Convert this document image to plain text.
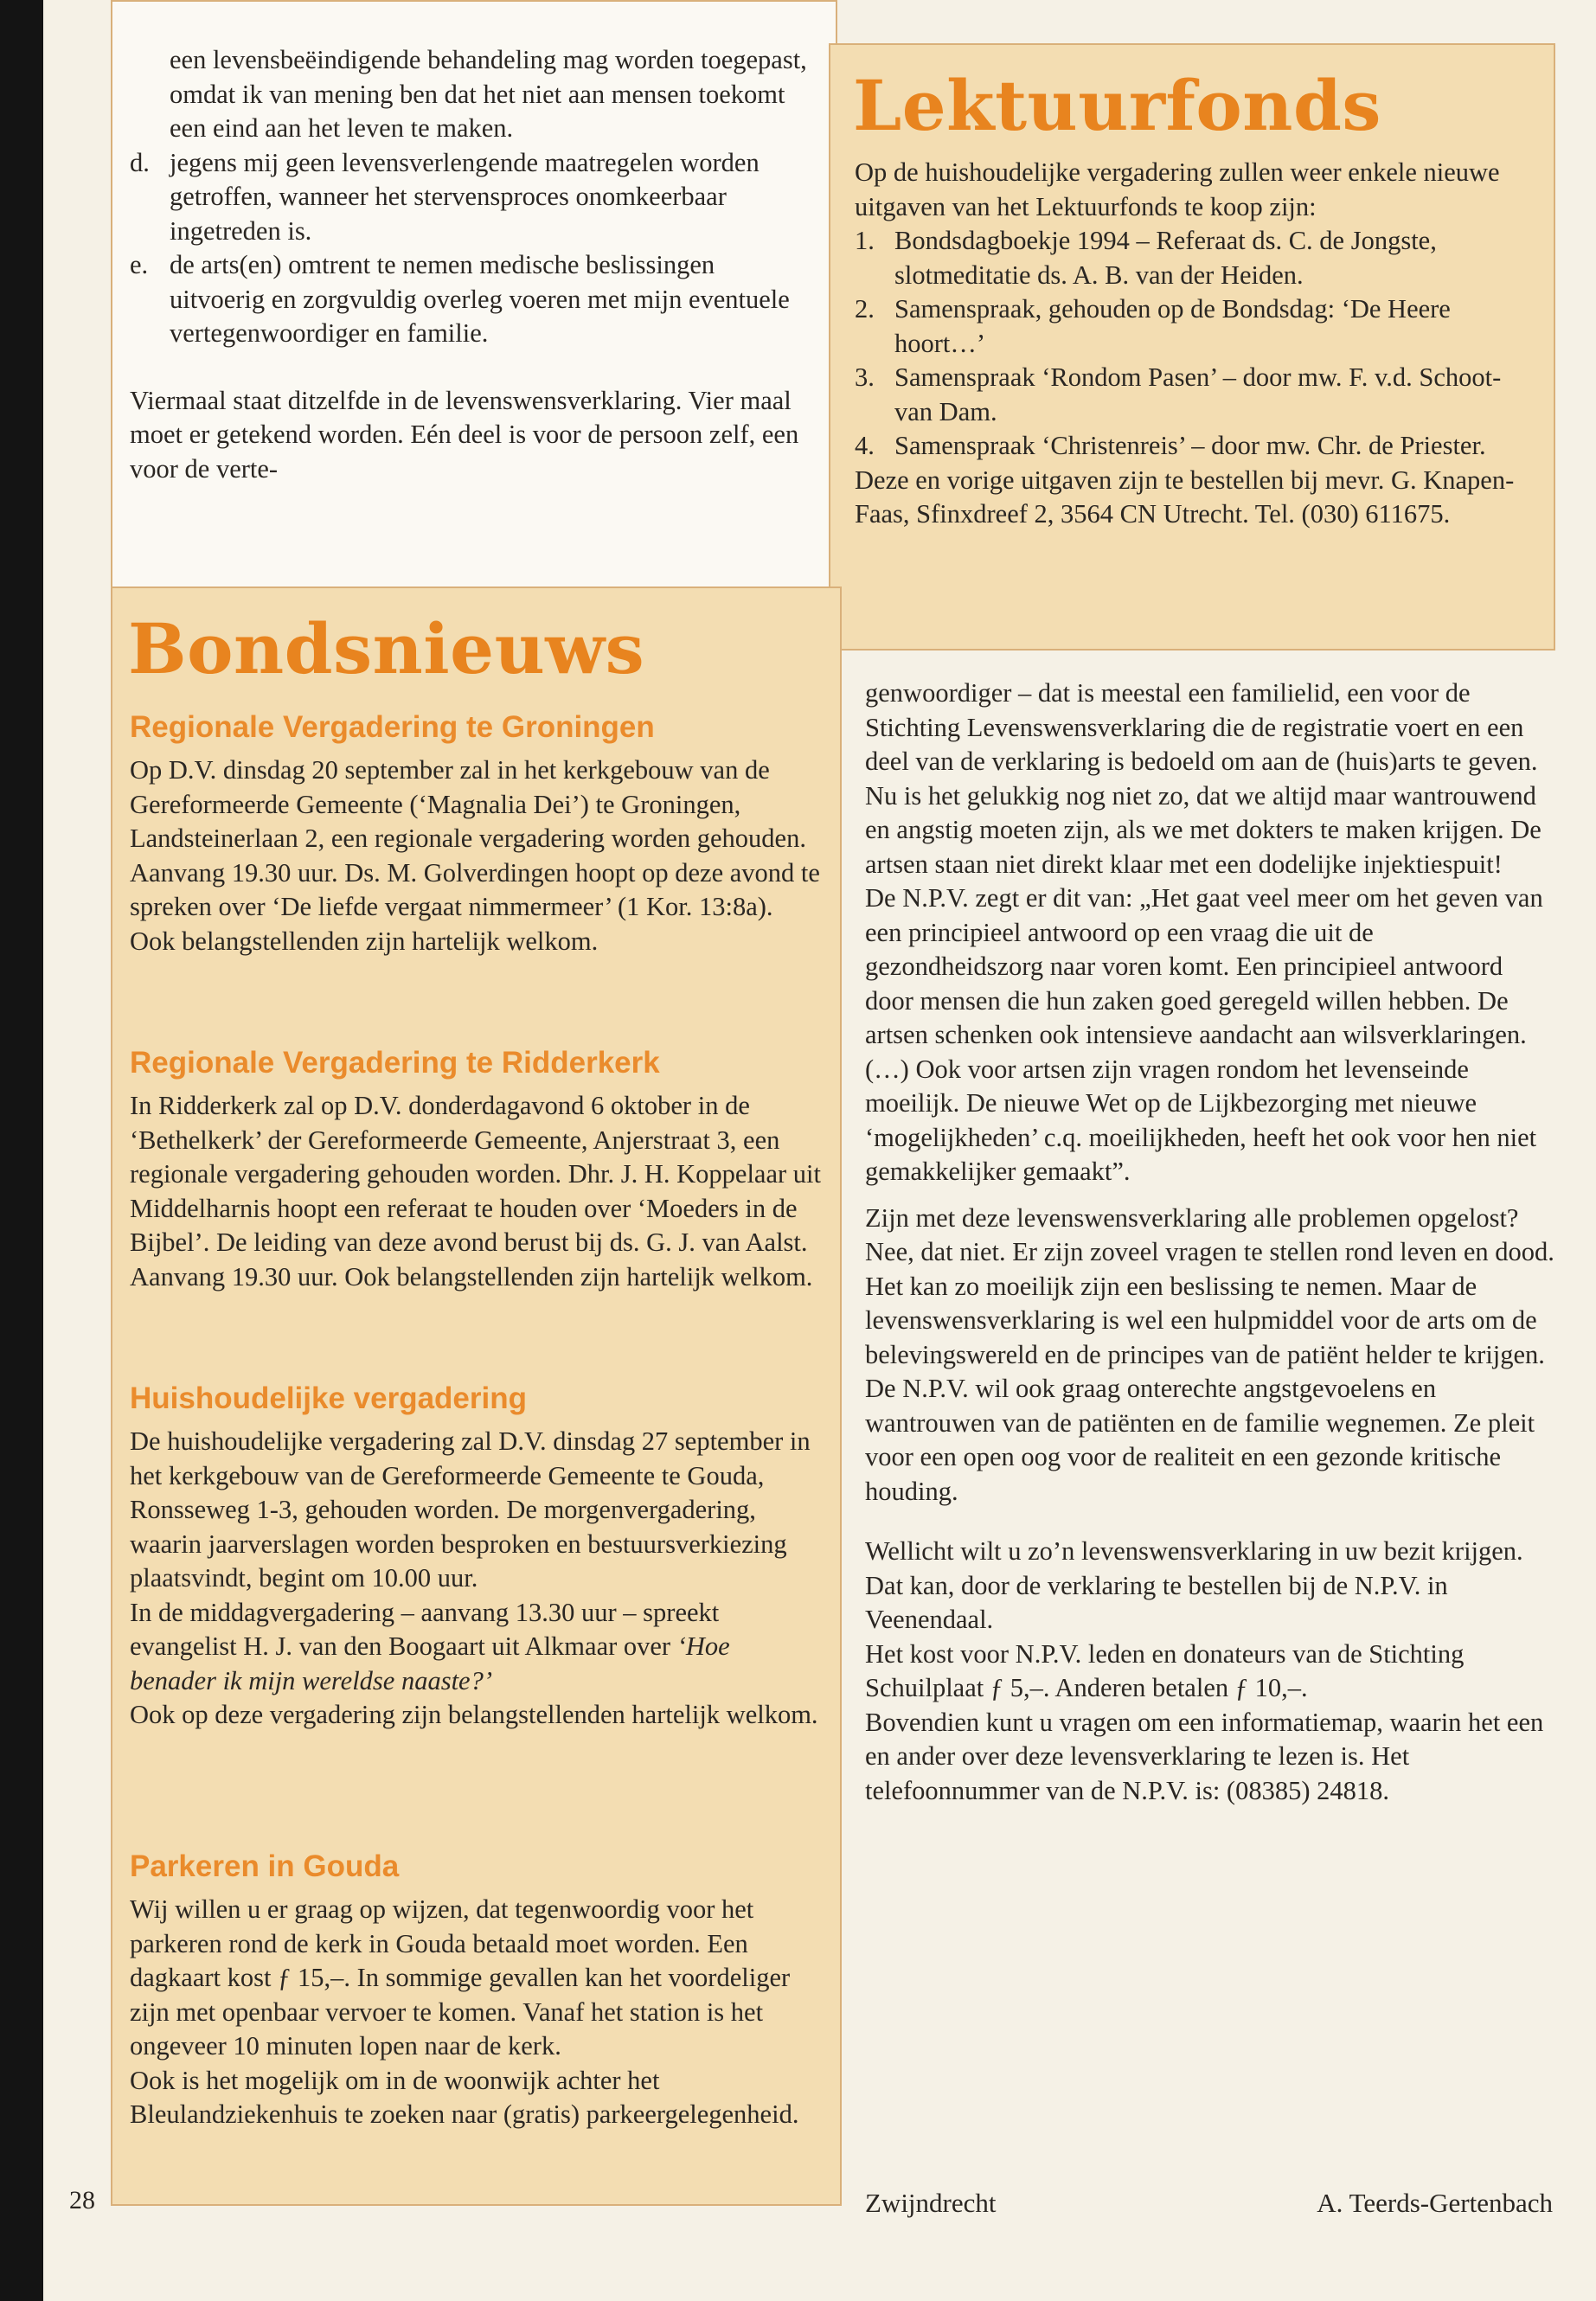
een levensbeëindigende behandeling mag worden toegepast, omdat ik van mening ben dat het niet aan mensen toekomt een eind aan het leven te maken.
d. jegens mij geen levensverlengende maatregelen worden getroffen, wanneer het stervensproces onomkeerbaar ingetreden is.
e. de arts(en) omtrent te nemen medische beslissingen uitvoerig en zorgvuldig overleg voeren met mijn eventuele vertegenwoordiger en familie.

Viermaal staat ditzelfde in de levenswensverklaring. Vier maal moet er getekend worden. Eén deel is voor de persoon zelf, een voor de verte-

Lektuurfonds

Op de huishoudelijke vergadering zullen weer enkele nieuwe uitgaven van het Lektuurfonds te koop zijn:

1. Bondsdagboekje 1994 – Referaat ds. C. de Jongste, slotmeditatie ds. A. B. van der Heiden.
2. Samenspraak, gehouden op de Bondsdag: ‘De Heere hoort…’
3. Samenspraak ‘Rondom Pasen’ – door mw. F. v.d. Schoot-van Dam.
4. Samenspraak ‘Christenreis’ – door mw. Chr. de Priester.

Deze en vorige uitgaven zijn te bestellen bij mevr. G. Knapen-Faas, Sfinxdreef 2, 3564 CN Utrecht. Tel. (030) 611675.

Bondsnieuws
Regionale Vergadering te Groningen

Op D.V. dinsdag 20 september zal in het kerkgebouw van de Gereformeerde Gemeente (‘Magnalia Dei’) te Groningen, Landsteinerlaan 2, een regionale vergadering worden gehouden. Aanvang 19.30 uur. Ds. M. Golverdingen hoopt op deze avond te spreken over ‘De liefde vergaat nimmermeer’ (1 Kor. 13:8a).

Ook belangstellenden zijn hartelijk welkom.

Regionale Vergadering te Ridderkerk

In Ridderkerk zal op D.V. donderdagavond 6 oktober in de ‘Bethelkerk’ der Gereformeerde Gemeente, Anjerstraat 3, een regionale vergadering gehouden worden. Dhr. J. H. Koppelaar uit Middelharnis hoopt een referaat te houden over ‘Moeders in de Bijbel’. De leiding van deze avond berust bij ds. G. J. van Aalst. Aanvang 19.30 uur. Ook belangstellenden zijn hartelijk welkom.

Huishoudelijke vergadering

De huishoudelijke vergadering zal D.V. dinsdag 27 september in het kerkgebouw van de Gereformeerde Gemeente te Gouda, Ronsseweg 1-3, gehouden worden. De morgenvergadering, waarin jaarverslagen worden besproken en bestuursverkiezing plaatsvindt, begint om 10.00 uur.

In de middagvergadering – aanvang 13.30 uur – spreekt evangelist H. J. van den Boogaart uit Alkmaar over ‘Hoe benader ik mijn wereldse naaste?’

Ook op deze vergadering zijn belangstellenden hartelijk welkom.

Parkeren in Gouda

Wij willen u er graag op wijzen, dat tegenwoordig voor het parkeren rond de kerk in Gouda betaald moet worden. Een dagkaart kost ƒ 15,–. In sommige gevallen kan het voordeliger zijn met openbaar vervoer te komen. Vanaf het station is het ongeveer 10 minuten lopen naar de kerk.

Ook is het mogelijk om in de woonwijk achter het Bleulandziekenhuis te zoeken naar (gratis) parkeergelegenheid.

genwoordiger – dat is meestal een familielid, een voor de Stichting Levenswensverklaring die de registratie voert en een deel van de verklaring is bedoeld om aan de (huis)arts te geven.

Nu is het gelukkig nog niet zo, dat we altijd maar wantrouwend en angstig moeten zijn, als we met dokters te maken krijgen. De artsen staan niet direkt klaar met een dodelijke injektiespuit!

De N.P.V. zegt er dit van: „Het gaat veel meer om het geven van een principieel antwoord op een vraag die uit de gezondheidszorg naar voren komt. Een principieel antwoord door mensen die hun zaken goed geregeld willen hebben. De artsen schenken ook intensieve aandacht aan wilsverklaringen. (…) Ook voor artsen zijn vragen rondom het levenseinde moeilijk. De nieuwe Wet op de Lijkbezorging met nieuwe ‘mogelijkheden’ c.q. moeilijkheden, heeft het ook voor hen niet gemakkelijker gemaakt”.

Zijn met deze levenswensverklaring alle problemen opgelost? Nee, dat niet. Er zijn zoveel vragen te stellen rond leven en dood. Het kan zo moeilijk zijn een beslissing te nemen. Maar de levenswensverklaring is wel een hulpmiddel voor de arts om de belevingswereld en de principes van de patiënt helder te krijgen. De N.P.V. wil ook graag onterechte angstgevoelens en wantrouwen van de patiënten en de familie wegnemen. Ze pleit voor een open oog voor de realiteit en een gezonde kritische houding.

Wellicht wilt u zo’n levenswensverklaring in uw bezit krijgen.

Dat kan, door de verklaring te bestellen bij de N.P.V. in Veenendaal.

Het kost voor N.P.V. leden en donateurs van de Stichting Schuilplaat ƒ 5,–. Anderen betalen ƒ 10,–.

Bovendien kunt u vragen om een informatiemap, waarin het een en ander over deze levensverklaring te lezen is. Het telefoonnummer van de N.P.V. is: (08385) 24818.

Zwijndrecht	A. Teerds-Gertenbach
28
